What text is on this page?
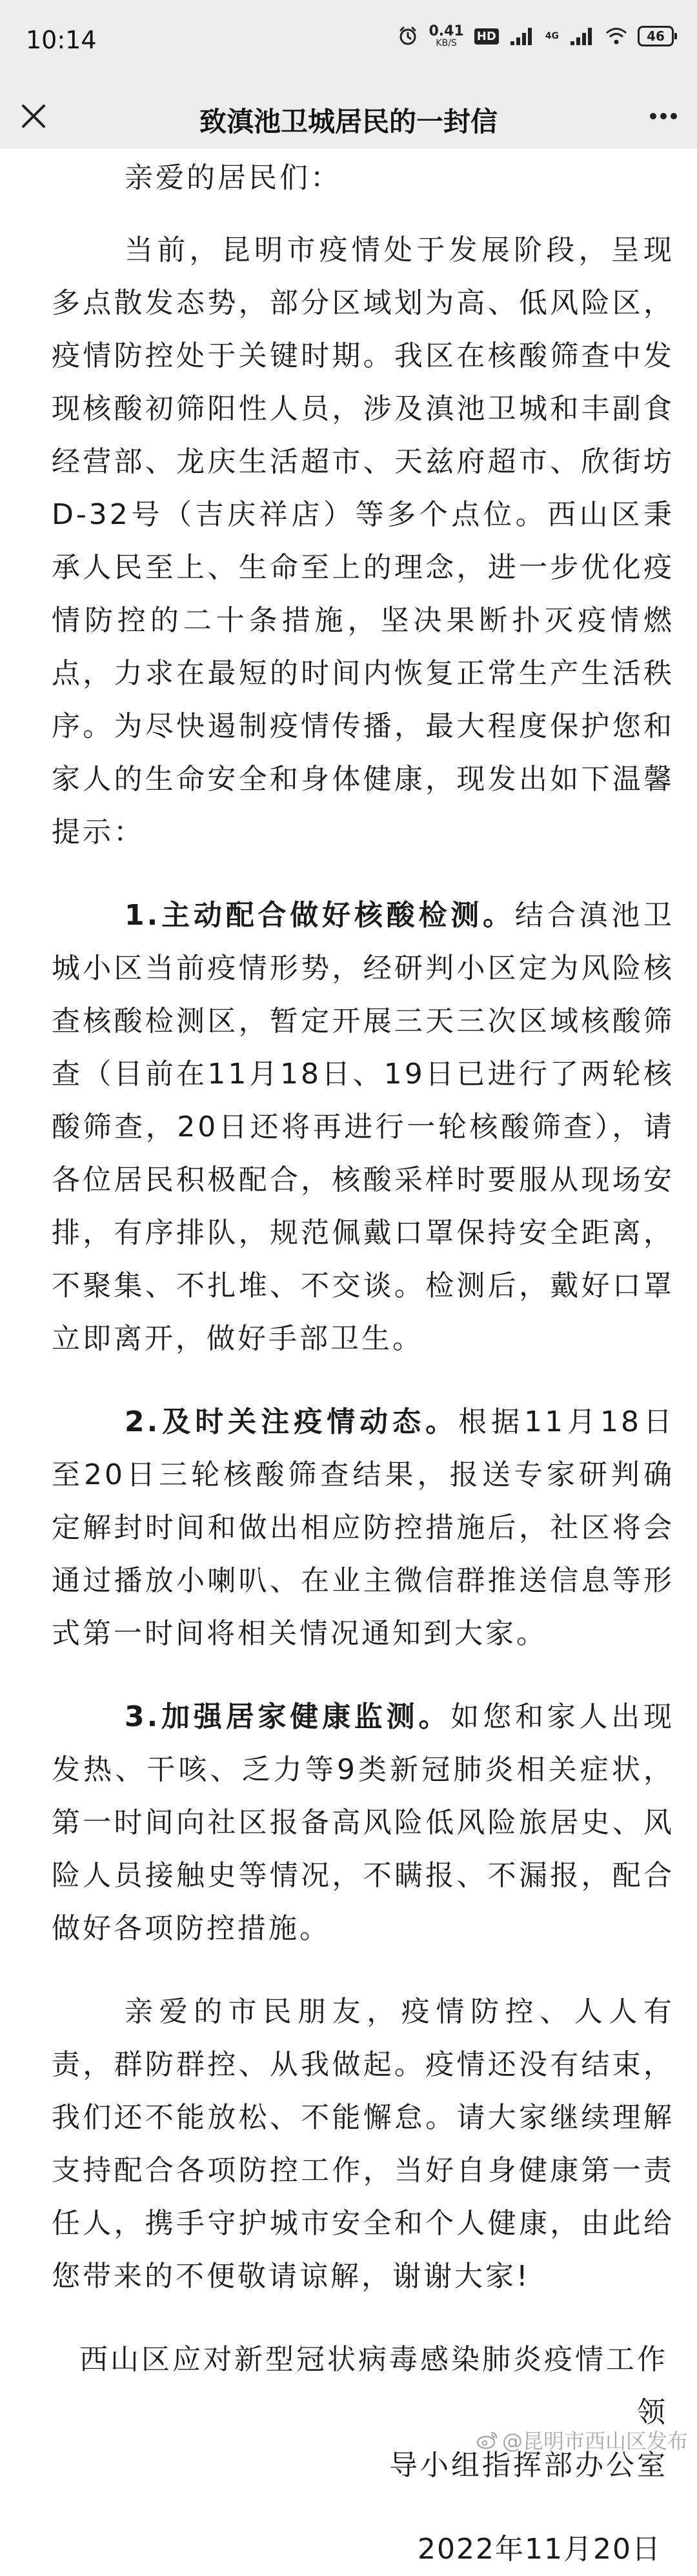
10:14	0.41
KB/S
HD	4G	46
致滇池卫城居民的一封信

亲爱的居民们：

当前，昆明市疫情处于发展阶段，呈现多点散发态势，部分区域划为高、低风险区，疫情防控处于关键时期。我区在核酸筛查中发现核酸初筛阳性人员，涉及滇池卫城和丰副食经营部、龙庆生活超市、天兹府超市、欣街坊D-32号（吉庆祥店）等多个点位。西山区秉承人民至上、生命至上的理念，进一步优化疫情防控的二十条措施，坚决果断扑灭疫情燃点，力求在最短的时间内恢复正常生产生活秩序。为尽快遏制疫情传播，最大程度保护您和家人的生命安全和身体健康，现发出如下温馨提示：

1.主动配合做好核酸检测。结合滇池卫城小区当前疫情形势，经研判小区定为风险核查核酸检测区，暂定开展三天三次区域核酸筛查（目前在11月18日、19日已进行了两轮核酸筛查，20日还将再进行一轮核酸筛查），请各位居民积极配合，核酸采样时要服从现场安排，有序排队，规范佩戴口罩保持安全距离，不聚集、不扎堆、不交谈。检测后，戴好口罩立即离开，做好手部卫生。

2.及时关注疫情动态。根据11月18日至20日三轮核酸筛查结果，报送专家研判确定解封时间和做出相应防控措施后，社区将会通过播放小喇叭、在业主微信群推送信息等形式第一时间将相关情况通知到大家。

3.加强居家健康监测。如您和家人出现发热、干咳、乏力等9类新冠肺炎相关症状，第一时间向社区报备高风险低风险旅居史、风险人员接触史等情况，不瞒报、不漏报，配合做好各项防控措施。

亲爱的市民朋友，疫情防控、人人有责，群防群控、从我做起。疫情还没有结束，我们还不能放松、不能懈怠。请大家继续理解支持配合各项防控工作，当好自身健康第一责任人，携手守护城市安全和个人健康，由此给您带来的不便敬请谅解，谢谢大家!

西山区应对新型冠状病毒感染肺炎疫情工作领
导小组指挥部办公室

2022年11月20日

@昆明市西山区发布
